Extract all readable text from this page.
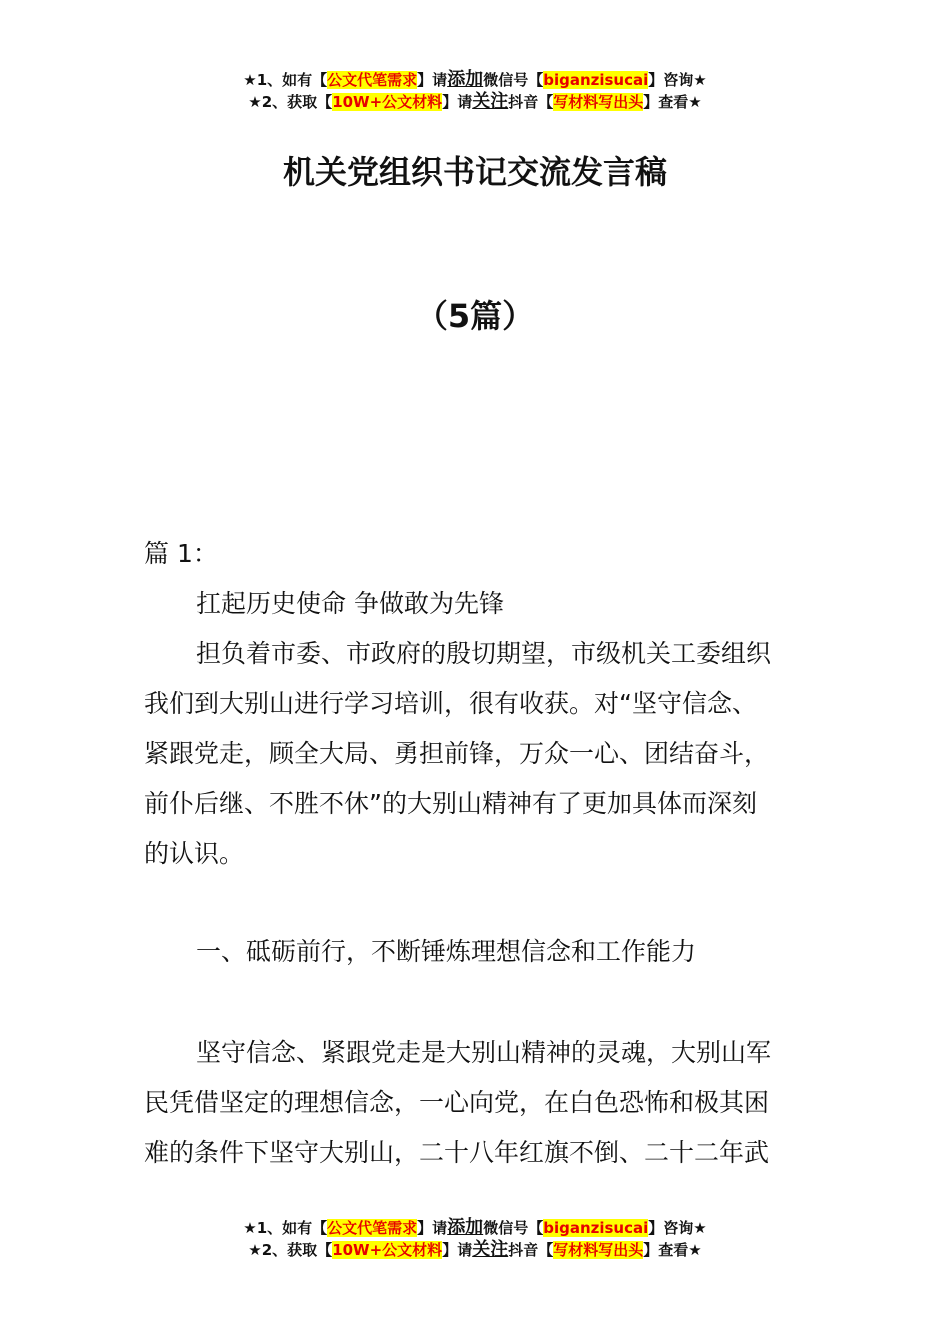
★1、如有【公文代笔需求】请添加微信号【biganzisucai】咨询★
★2、获取【10W+公文材料】请关注抖音【写材料写出头】查看★
机关党组织书记交流发言稿
（5篇）
篇 1：
扛起历史使命 争做敢为先锋
担负着市委、市政府的殷切期望，市级机关工委组织
我们到大别山进行学习培训，很有收获。对“坚守信念、
紧跟党走，顾全大局、勇担前锋，万众一心、团结奋斗，
前仆后继、不胜不休”的大别山精神有了更加具体而深刻
的认识。
一、砥砺前行，不断锤炼理想信念和工作能力
坚守信念、紧跟党走是大别山精神的灵魂，大别山军
民凭借坚定的理想信念，一心向党，在白色恐怖和极其困
难的条件下坚守大别山，二十八年红旗不倒、二十二年武
★1、如有【公文代笔需求】请添加微信号【biganzisucai】咨询★
★2、获取【10W+公文材料】请关注抖音【写材料写出头】查看★
